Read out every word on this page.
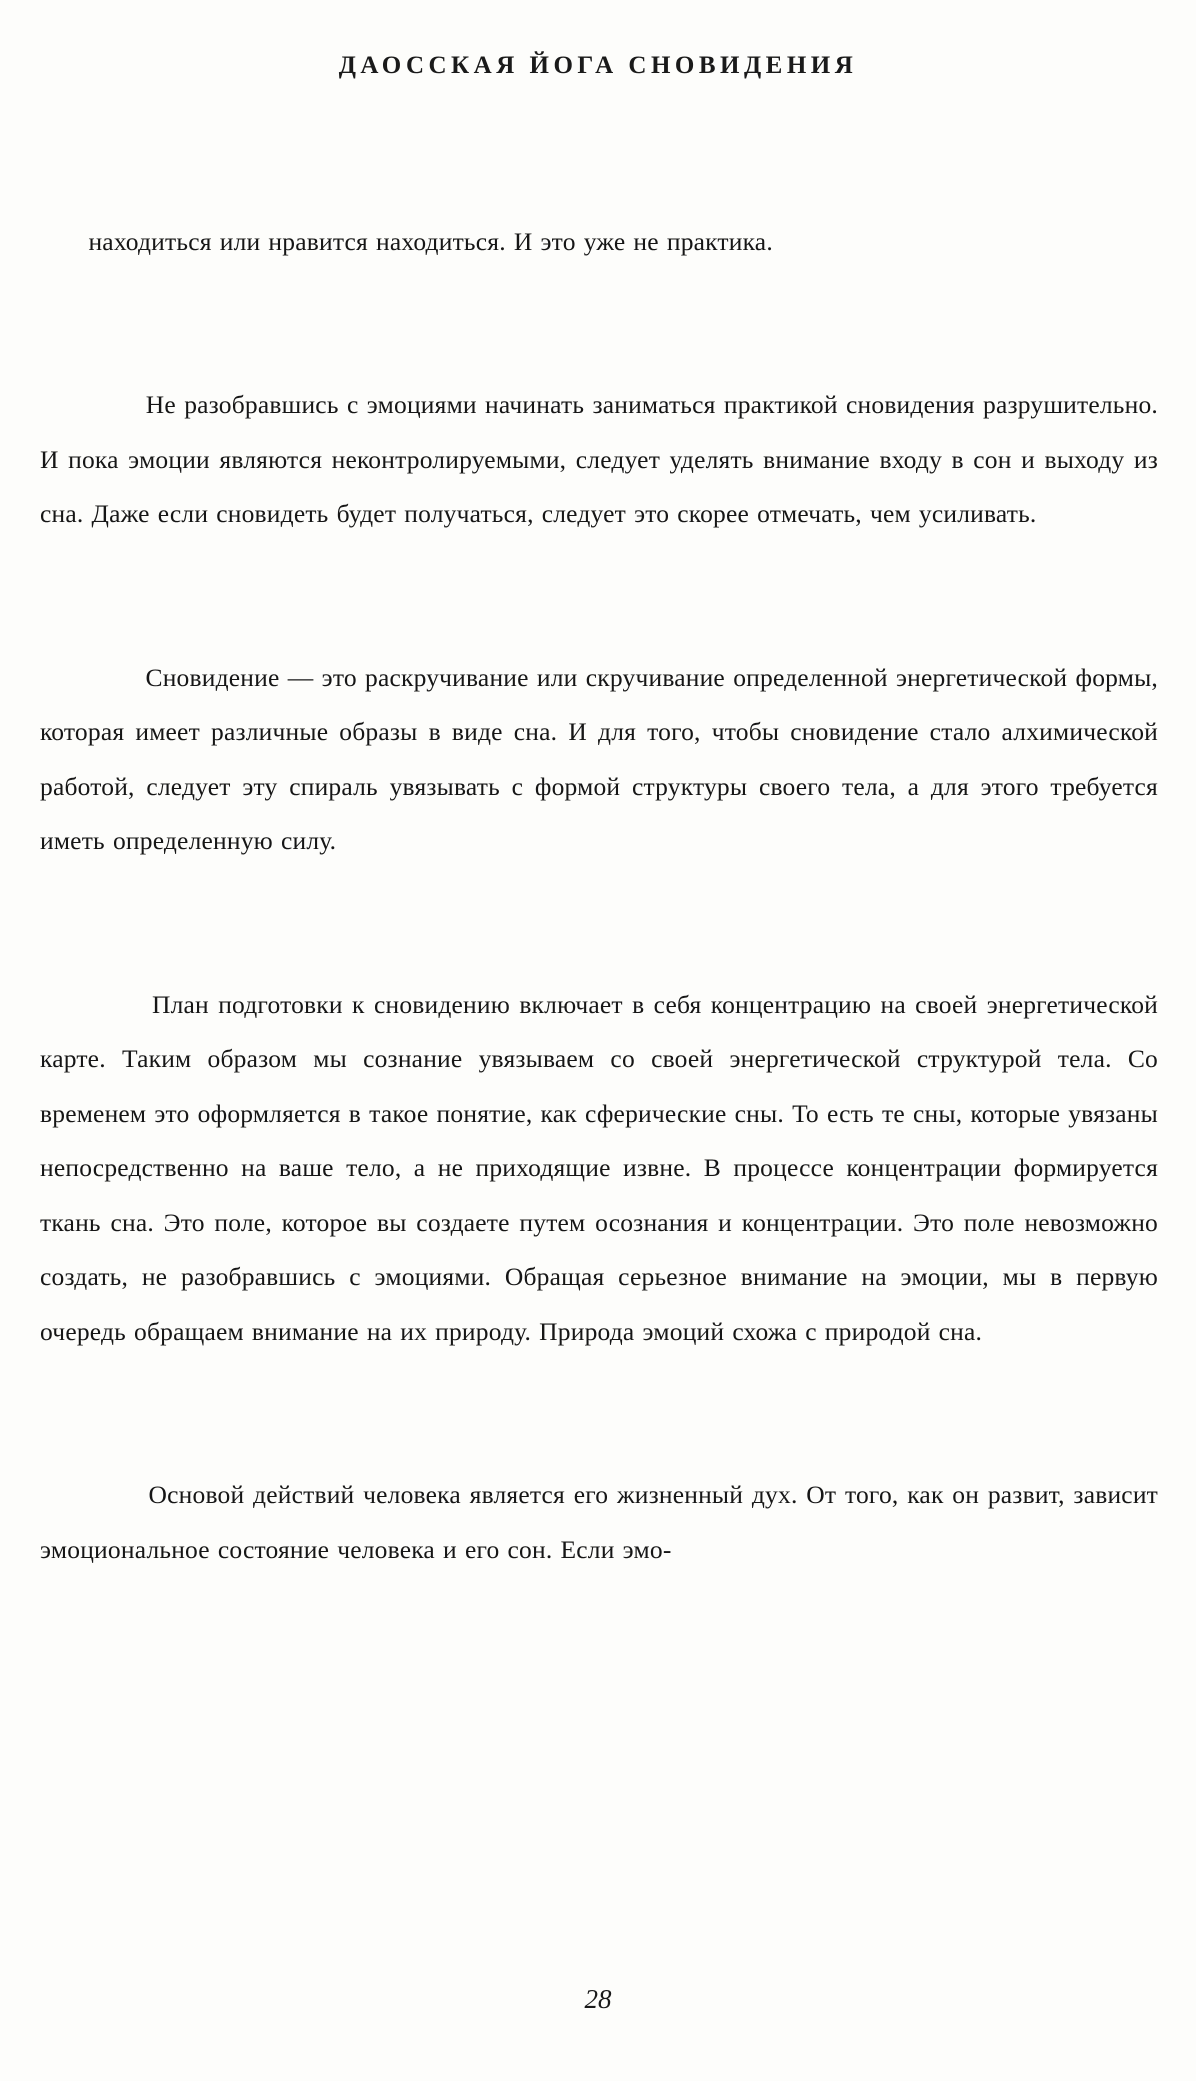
ДАОССКАЯ ЙОГА СНОВИДЕНИЯ

находиться или нравится находиться. И это уже не практика.

Не разобравшись с эмоциями начинать заниматься практикой сновидения разрушительно. И пока эмоции являются неконтролируемыми, следует уделять внимание входу в сон и выходу из сна. Даже если сновидеть будет получаться, следует это скорее отмечать, чем усиливать.

Сновидение — это раскручивание или скручивание определенной энергетической формы, которая имеет различные образы в виде сна. И для того, чтобы сновидение стало алхимической работой, следует эту спираль увязывать с формой структуры своего тела, а для этого требуется иметь определенную силу.

План подготовки к сновидению включает в себя концентрацию на своей энергетической карте. Таким образом мы сознание увязываем со своей энергетической структурой тела. Со временем это оформляется в такое понятие, как сферические сны. То есть те сны, которые увязаны непосредственно на ваше тело, а не приходящие извне. В процессе концентрации формируется ткань сна. Это поле, которое вы создаете путем осознания и концентрации. Это поле невозможно создать, не разобравшись с эмоциями. Обращая серьезное внимание на эмоции, мы в первую очередь обращаем внимание на их природу. Природа эмоций схожа с природой сна.

Основой действий человека является его жизненный дух. От того, как он развит, зависит эмоциональное состояние человека и его сон. Если эмо-

28
